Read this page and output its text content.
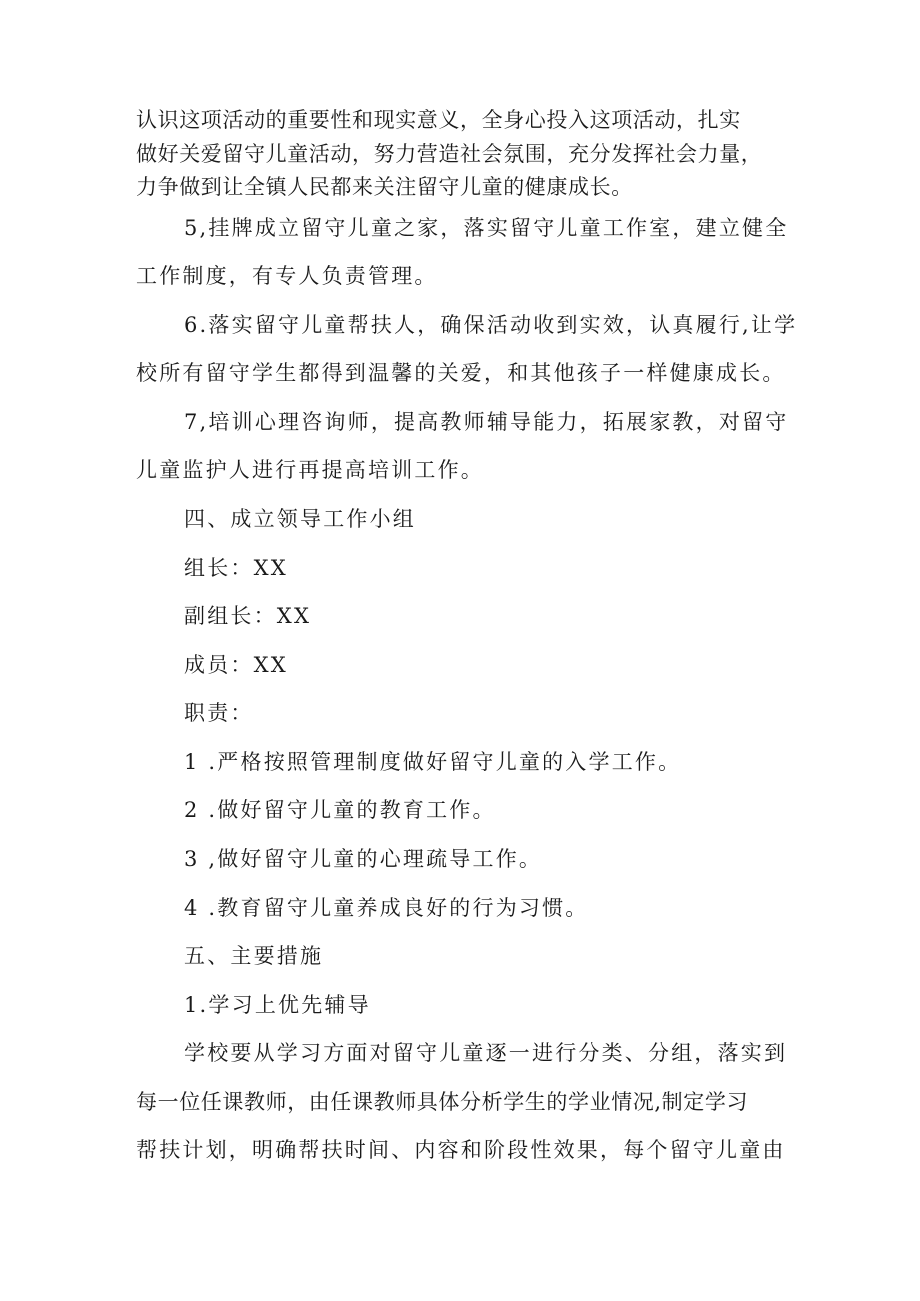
认识这项活动的重要性和现实意义，全身心投入这项活动，扎实
做好关爱留守儿童活动，努力营造社会氛围，充分发挥社会力量，
力争做到让全镇人民都来关注留守儿童的健康成长。
5,挂牌成立留守儿童之家，落实留守儿童工作室，建立健全
工作制度，有专人负责管理。
6.落实留守儿童帮扶人，确保活动收到实效，认真履行,让学
校所有留守学生都得到温馨的关爱，和其他孩子一样健康成长。
7,培训心理咨询师，提高教师辅导能力，拓展家教，对留守
儿童监护人进行再提高培训工作。
四、成立领导工作小组
组长：XX
副组长：XX
成员：XX
职责：
1 .严格按照管理制度做好留守儿童的入学工作。
2 .做好留守儿童的教育工作。
3 ,做好留守儿童的心理疏导工作。
4 .教育留守儿童养成良好的行为习惯。
五、主要措施
1.学习上优先辅导
学校要从学习方面对留守儿童逐一进行分类、分组，落实到
每一位任课教师，由任课教师具体分析学生的学业情况,制定学习
帮扶计划，明确帮扶时间、内容和阶段性效果，每个留守儿童由
